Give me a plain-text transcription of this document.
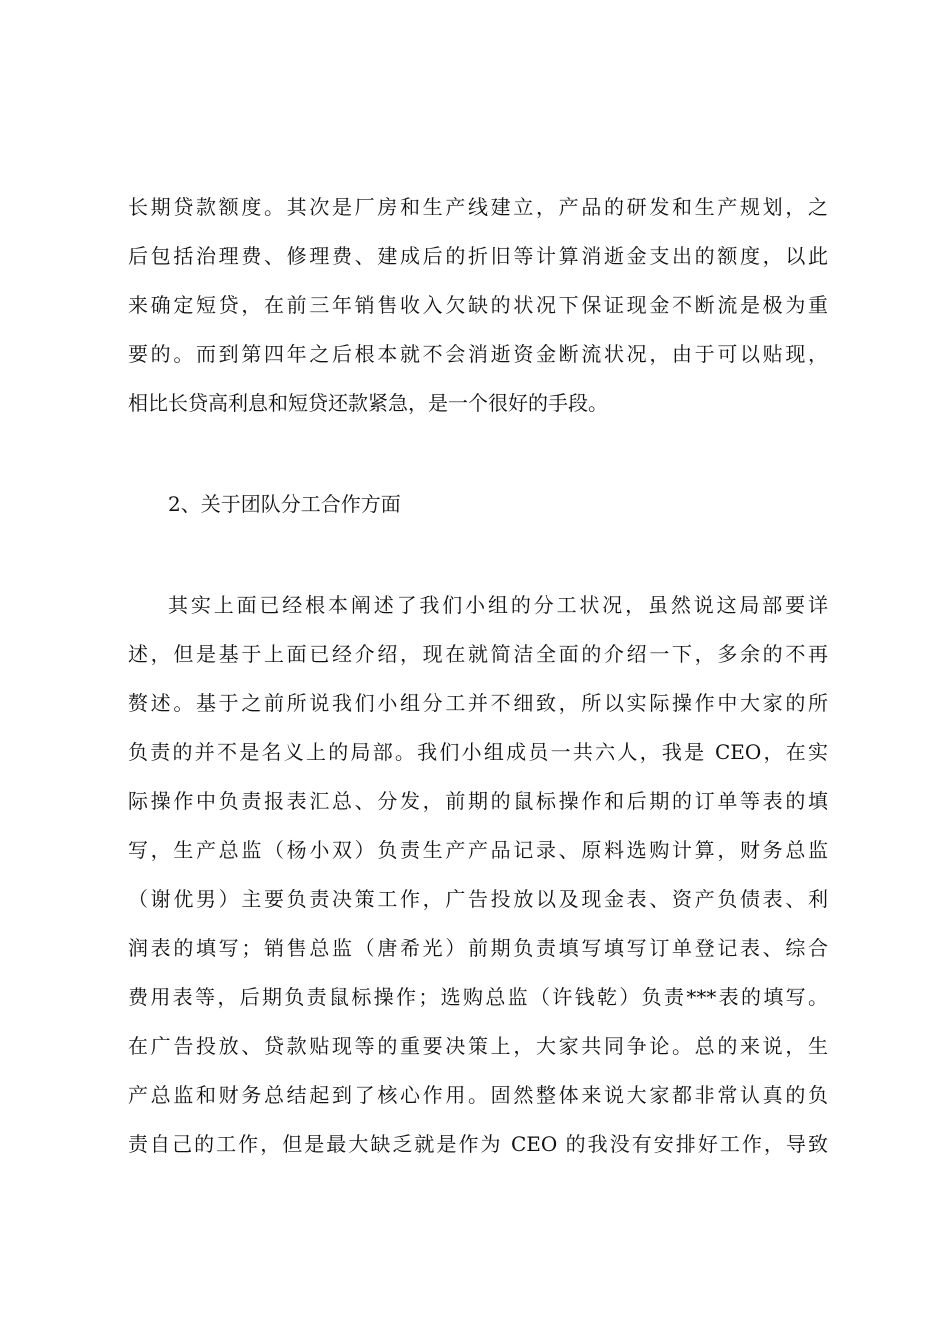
长期贷款额度。其次是厂房和生产线建立，产品的研发和生产规划，之
后包括治理费、修理费、建成后的折旧等计算消逝金支出的额度，以此
来确定短贷，在前三年销售收入欠缺的状况下保证现金不断流是极为重
要的。而到第四年之后根本就不会消逝资金断流状况，由于可以贴现，
相比长贷高利息和短贷还款紧急，是一个很好的手段。
2、关于团队分工合作方面
其实上面已经根本阐述了我们小组的分工状况，虽然说这局部要详
述，但是基于上面已经介绍，现在就简洁全面的介绍一下，多余的不再
赘述。基于之前所说我们小组分工并不细致，所以实际操作中大家的所
负责的并不是名义上的局部。我们小组成员一共六人，我是 CEO，在实
际操作中负责报表汇总、分发，前期的鼠标操作和后期的订单等表的填
写，生产总监（杨小双）负责生产产品记录、原料选购计算，财务总监
（谢优男）主要负责决策工作，广告投放以及现金表、资产负债表、利
润表的填写；销售总监（唐希光）前期负责填写填写订单登记表、综合
费用表等，后期负责鼠标操作；选购总监（许钱乾）负责***表的填写。
在广告投放、贷款贴现等的重要决策上，大家共同争论。总的来说，生
产总监和财务总结起到了核心作用。固然整体来说大家都非常认真的负
责自己的工作，但是最大缺乏就是作为 CEO 的我没有安排好工作，导致
